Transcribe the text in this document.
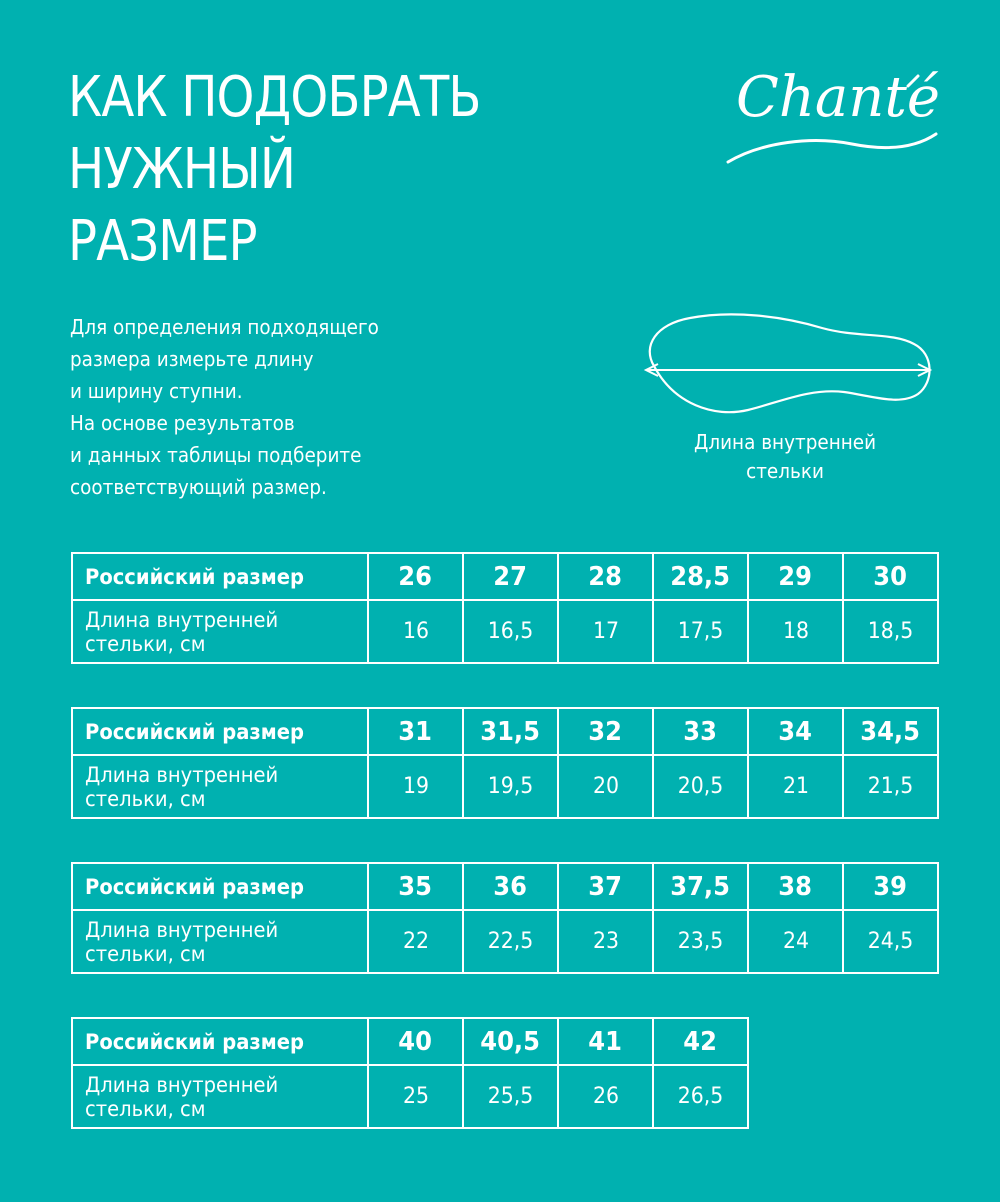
КАК ПОДОБРАТЬ
НУЖНЫЙ
РАЗМЕР
Chanté
Для определения подходящего
размера измерьте длину
и ширину ступни.
На основе результатов
и данных таблицы подберите
соответствующий размер.
Длина внутренней
стельки
Российский размер	26	27	28	28,5	29	30

Длина внутренней
стельки, см	16	16,5	17	17,5	18	18,5
Российский размер	31	31,5	32	33	34	34,5

Длина внутренней
стельки, см	19	19,5	20	20,5	21	21,5
Российский размер	35	36	37	37,5	38	39

Длина внутренней
стельки, см	22	22,5	23	23,5	24	24,5
Российский размер	40	40,5	41	42

Длина внутренней
стельки, см	25	25,5	26	26,5
